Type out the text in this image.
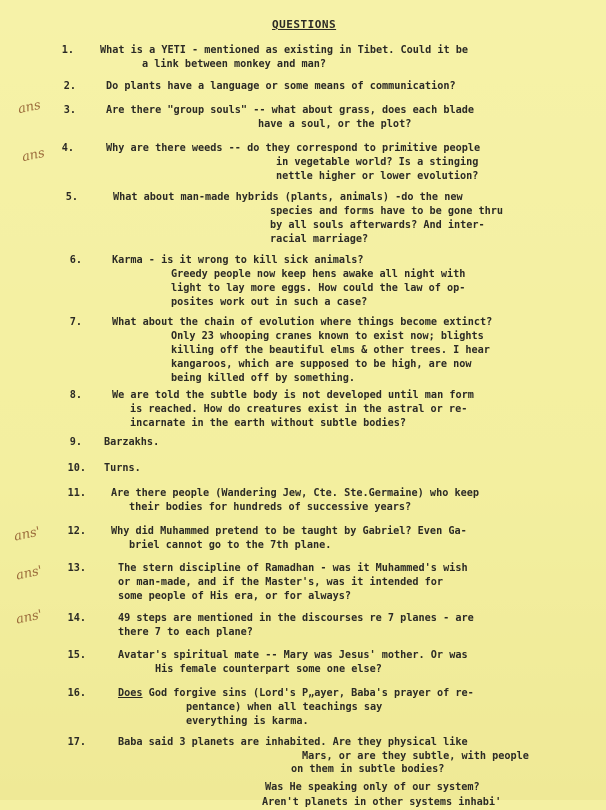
QUESTIONS
1.	What is a YETI - mentioned as existing in Tibet. Could it be
a link between monkey and man?
2.	Do plants have a language or some means of communication?
3.	Are there "group souls" -- what about grass, does each blade
have a soul, or the plot?
4.	Why are there weeds -- do they correspond to primitive people
in vegetable world? Is a stinging
nettle higher or lower evolution?
5.	What about man-made hybrids (plants, animals) -do the new
species and forms have to be gone thru
by all souls afterwards? And inter-
racial marriage?
6.	Karma - is it wrong to kill sick animals?
Greedy people now keep hens awake all night with
light to lay more eggs. How could the law of op-
posites work out in such a case?
7.	What about the chain of evolution where things become extinct?
Only 23 whooping cranes known to exist now; blights
killing off the beautiful elms & other trees. I hear
kangaroos, which are supposed to be high, are now
being killed off by something.
8.	We are told the subtle body is not developed until man form
is reached. How do creatures exist in the astral or re-
incarnate in the earth without subtle bodies?
9. Barzakhs.
10. Turns.
11. Are there people (Wandering Jew, Cte. Ste.Germaine) who keep
their bodies for hundreds of successive years?
12. Why did Muhammed pretend to be taught by Gabriel? Even Ga-
briel cannot go to the 7th plane.
13.	The stern discipline of Ramadhan - was it Muhammed's wish
or man-made, and if the Master's, was it intended for
some people of His era, or for always?
14.	49 steps are mentioned in the discourses re 7 planes - are
there 7 to each plane?
15.	Avatar's spiritual mate -- Mary was Jesus' mother. Or was
His female counterpart some one else?
16.	Does God forgive sins (Lord's P„ayer, Baba's prayer of re-
pentance) when all teachings say
everything is karma.
17.	Baba said 3 planets are inhabited. Are they physical like
Mars, or are they subtle, with people
on them in subtle bodies?
Was He speaking only of our system?
Aren't planets in other systems inhabi'
ans
ans
ans'
ans'
ans'
